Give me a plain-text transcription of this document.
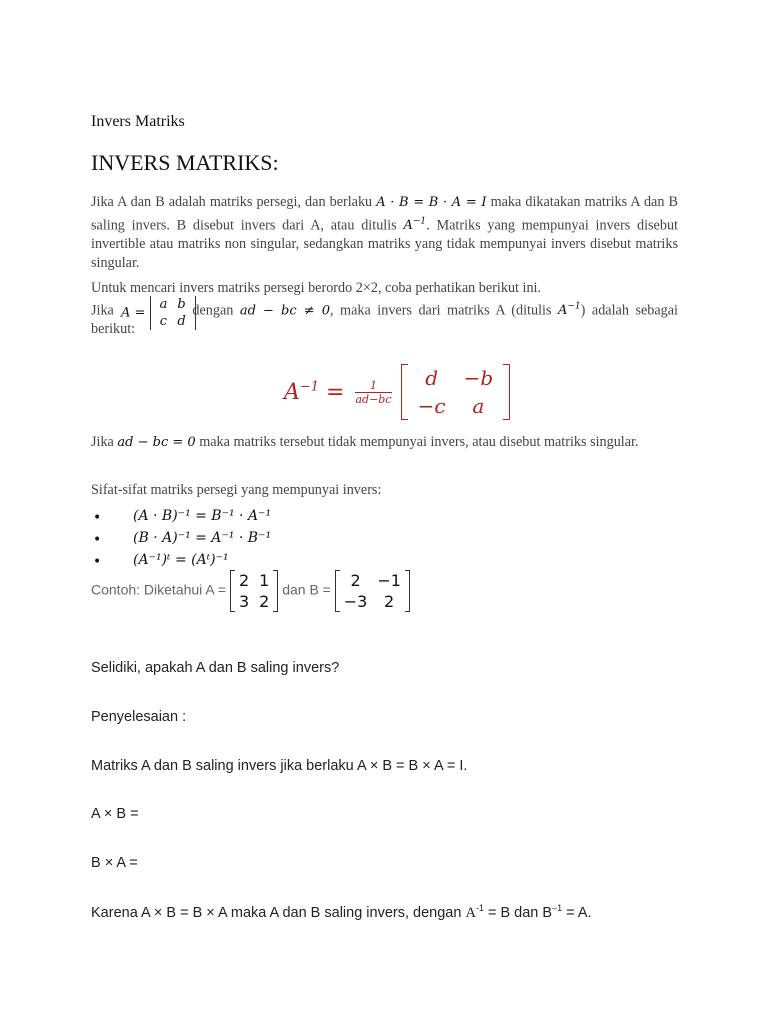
Invers Matriks
INVERS MATRIKS:
Jika A dan B adalah matriks persegi, dan berlaku A · B = B · A = I maka dikatakan matriks A dan B saling invers. B disebut invers dari A, atau ditulis $A^{-1}$. Matriks yang mempunyai invers disebut invertible atau matriks non singular, sedangkan matriks yang tidak mempunyai invers disebut matriks singular.
Untuk mencari invers matriks persegi berordo 2×2, coba perhatikan berikut ini.
Jika	dengan ad − bc ≠ 0, maka invers dari matriks A (ditulis $A^{-1}$) adalah sebagai berikut:
A =
a	b
c	d
$A^{-1} = \frac{1}{ad-bc}$

d	−b
−c	a
Jika ad − bc = 0 maka matriks tersebut tidak mempunyai invers, atau disebut matriks singular.
Sifat-sifat matriks persegi yang mempunyai invers:
• (A · B)⁻¹ = B⁻¹ · A⁻¹
• (B · A)⁻¹ = A⁻¹ · B⁻¹
• (A⁻¹)ᵗ = (Aᵗ)⁻¹
Contoh: Diketahui A = 2	1
3	2
dan B = 2	−1
−3	2
Selidiki, apakah A dan B saling invers?
Penyelesaian :
Matriks A dan B saling invers jika berlaku A × B = B × A = I.
A × B =
B × A =
Karena A × B = B × A maka A dan B saling invers, dengan $A^{-1} = B$ dan $B^{-1} = A$.
